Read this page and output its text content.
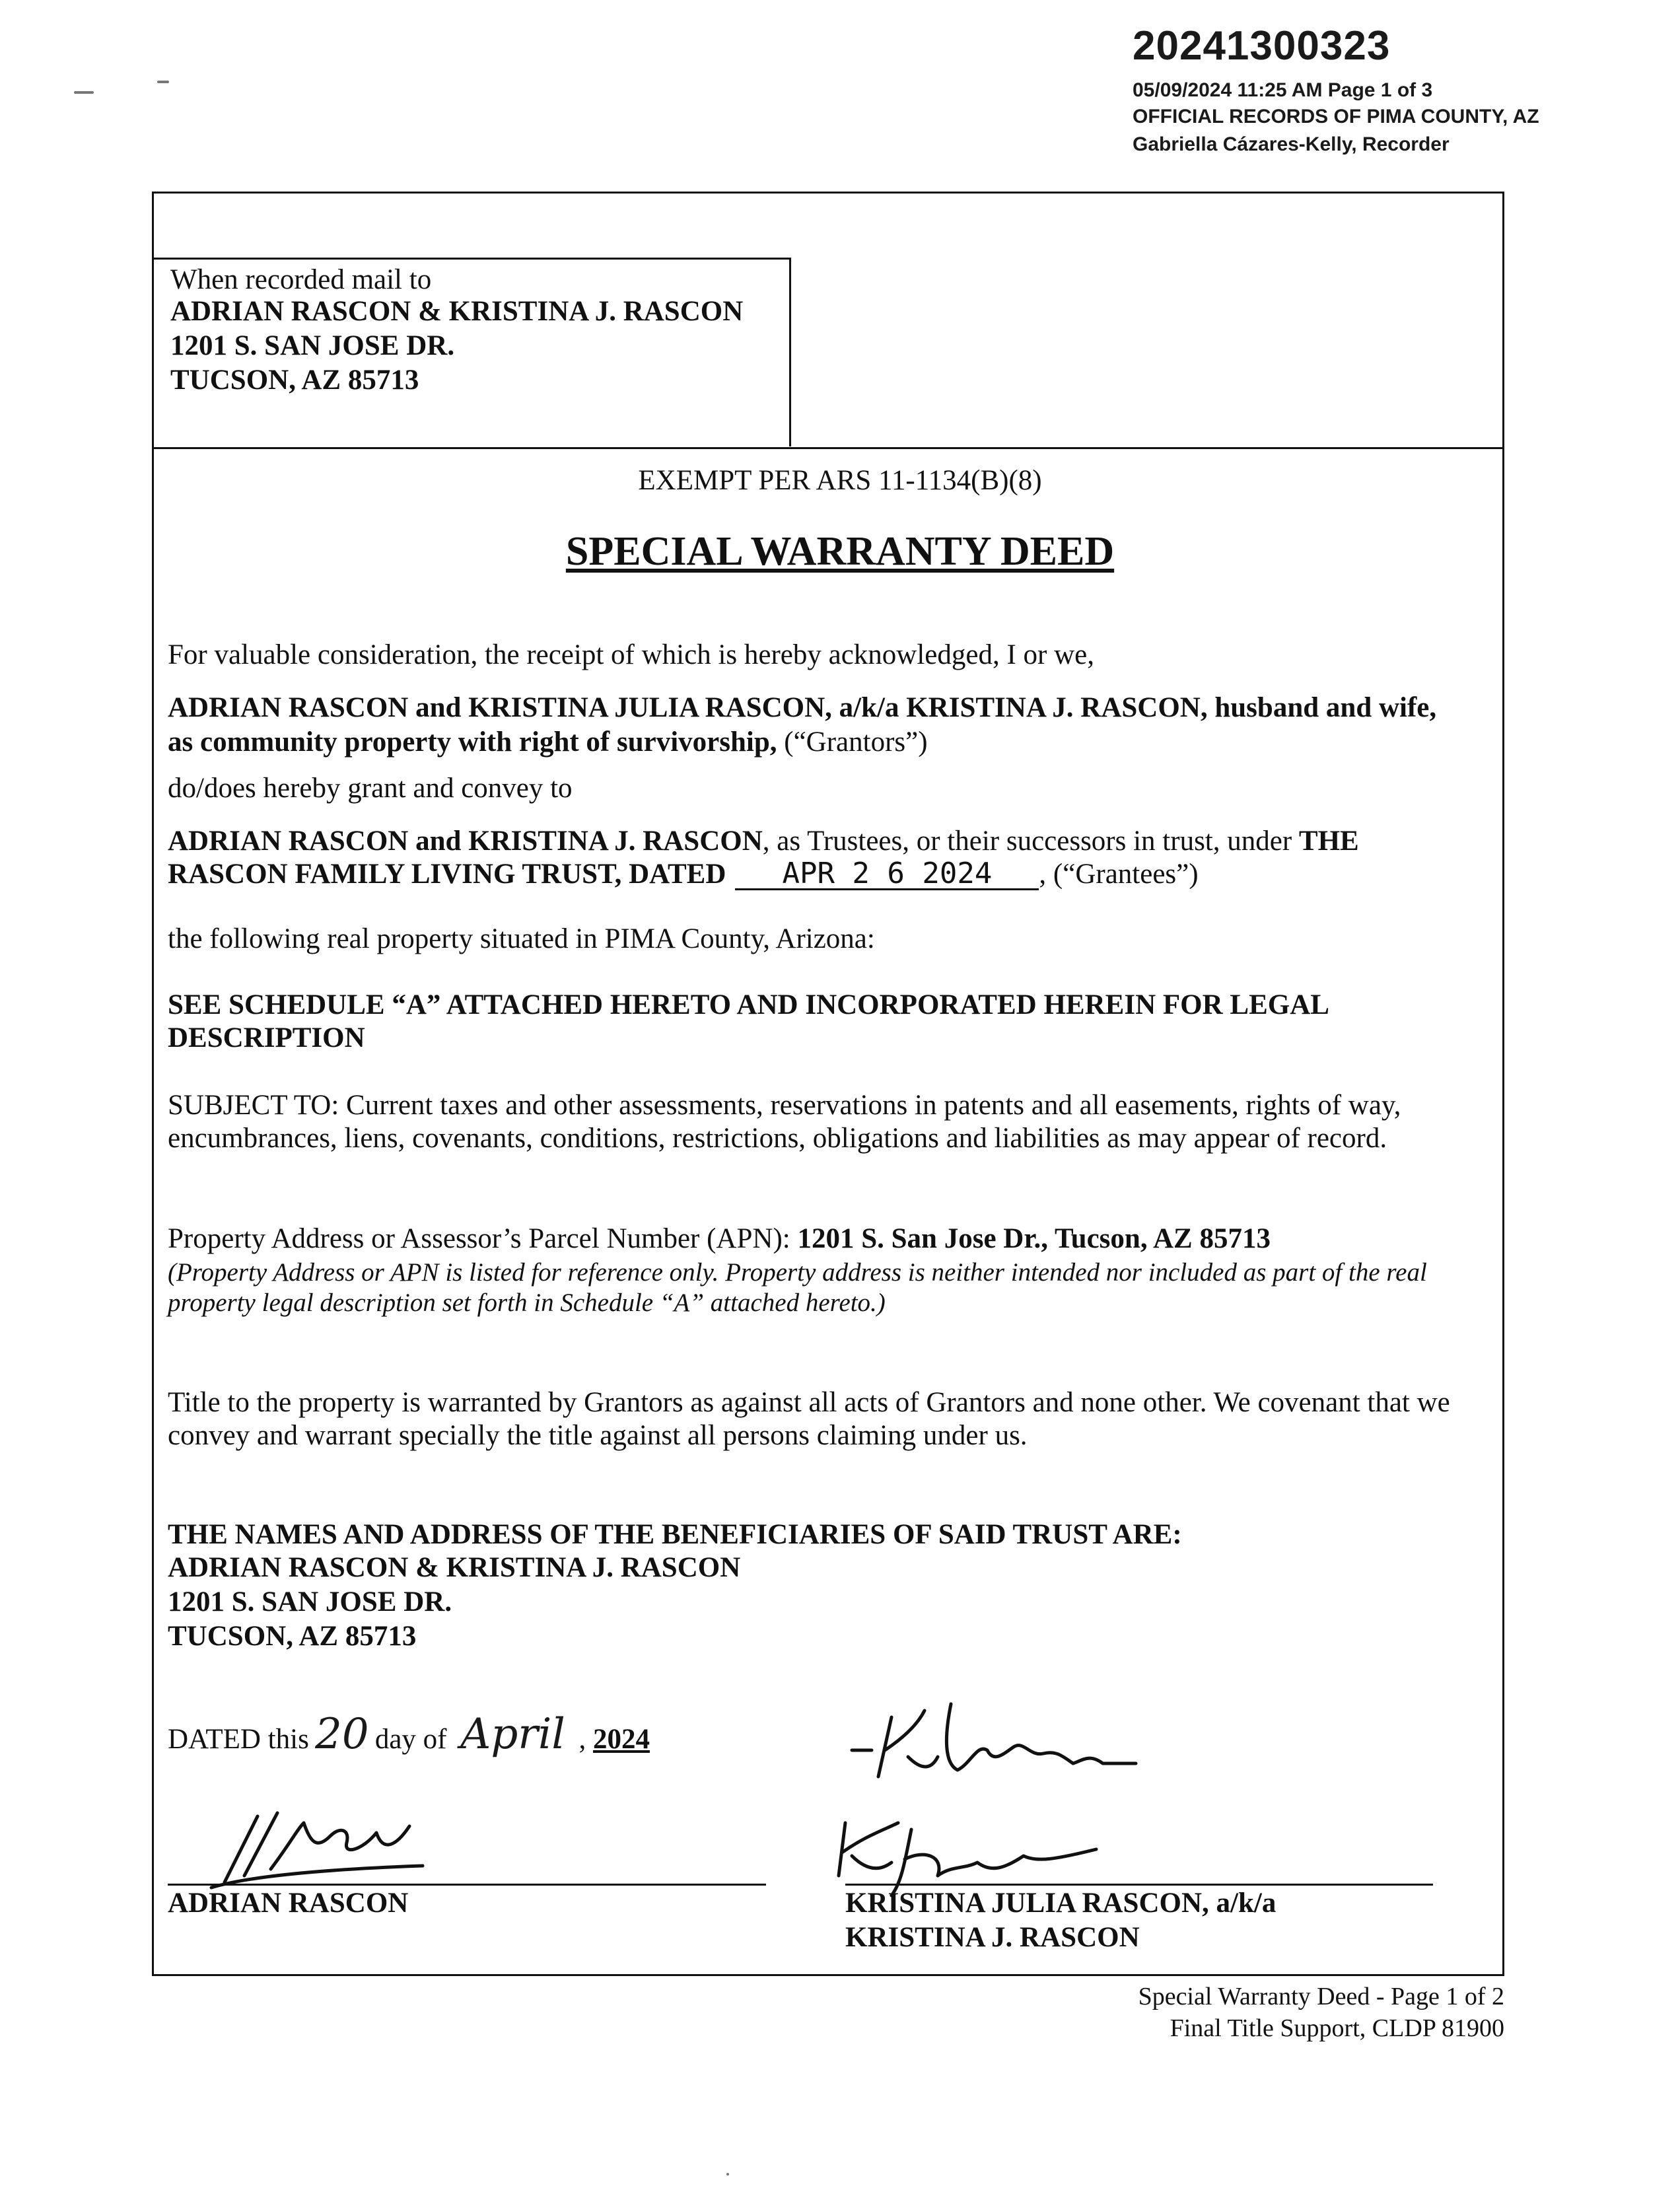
20241300323
05/09/2024 11:25 AM Page 1 of 3
OFFICIAL RECORDS OF PIMA COUNTY, AZ
Gabriella Cázares-Kelly, Recorder
When recorded mail to
ADRIAN RASCON & KRISTINA J. RASCON
1201 S. SAN JOSE DR.
TUCSON, AZ 85713
EXEMPT PER ARS 11-1134(B)(8)
SPECIAL WARRANTY DEED
For valuable consideration, the receipt of which is hereby acknowledged, I or we,
ADRIAN RASCON and KRISTINA JULIA RASCON, a/k/a KRISTINA J. RASCON, husband and wife,
as community property with right of survivorship, (“Grantors”)
do/does hereby grant and convey to
ADRIAN RASCON and KRISTINA J. RASCON, as Trustees, or their successors in trust, under THE
RASCON FAMILY LIVING TRUST, DATED APR 2 6 2024 , (“Grantees”)
the following real property situated in PIMA County, Arizona:
SEE SCHEDULE “A” ATTACHED HERETO AND INCORPORATED HEREIN FOR LEGAL
DESCRIPTION
SUBJECT TO: Current taxes and other assessments, reservations in patents and all easements, rights of way,
encumbrances, liens, covenants, conditions, restrictions, obligations and liabilities as may appear of record.
Property Address or Assessor’s Parcel Number (APN): 1201 S. San Jose Dr., Tucson, AZ 85713
(Property Address or APN is listed for reference only. Property address is neither intended nor included as part of the real
property legal description set forth in Schedule “A” attached hereto.)
Title to the property is warranted by Grantors as against all acts of Grantors and none other. We covenant that we
convey and warrant specially the title against all persons claiming under us.
THE NAMES AND ADDRESS OF THE BENEFICIARIES OF SAID TRUST ARE:
ADRIAN RASCON & KRISTINA J. RASCON
1201 S. SAN JOSE DR.
TUCSON, AZ 85713
DATED this 20 day of April , 2024
ADRIAN RASCON	KRISTINA JULIA RASCON, a/k/a
KRISTINA J. RASCON
Special Warranty Deed - Page 1 of 2
Final Title Support, CLDP 81900
